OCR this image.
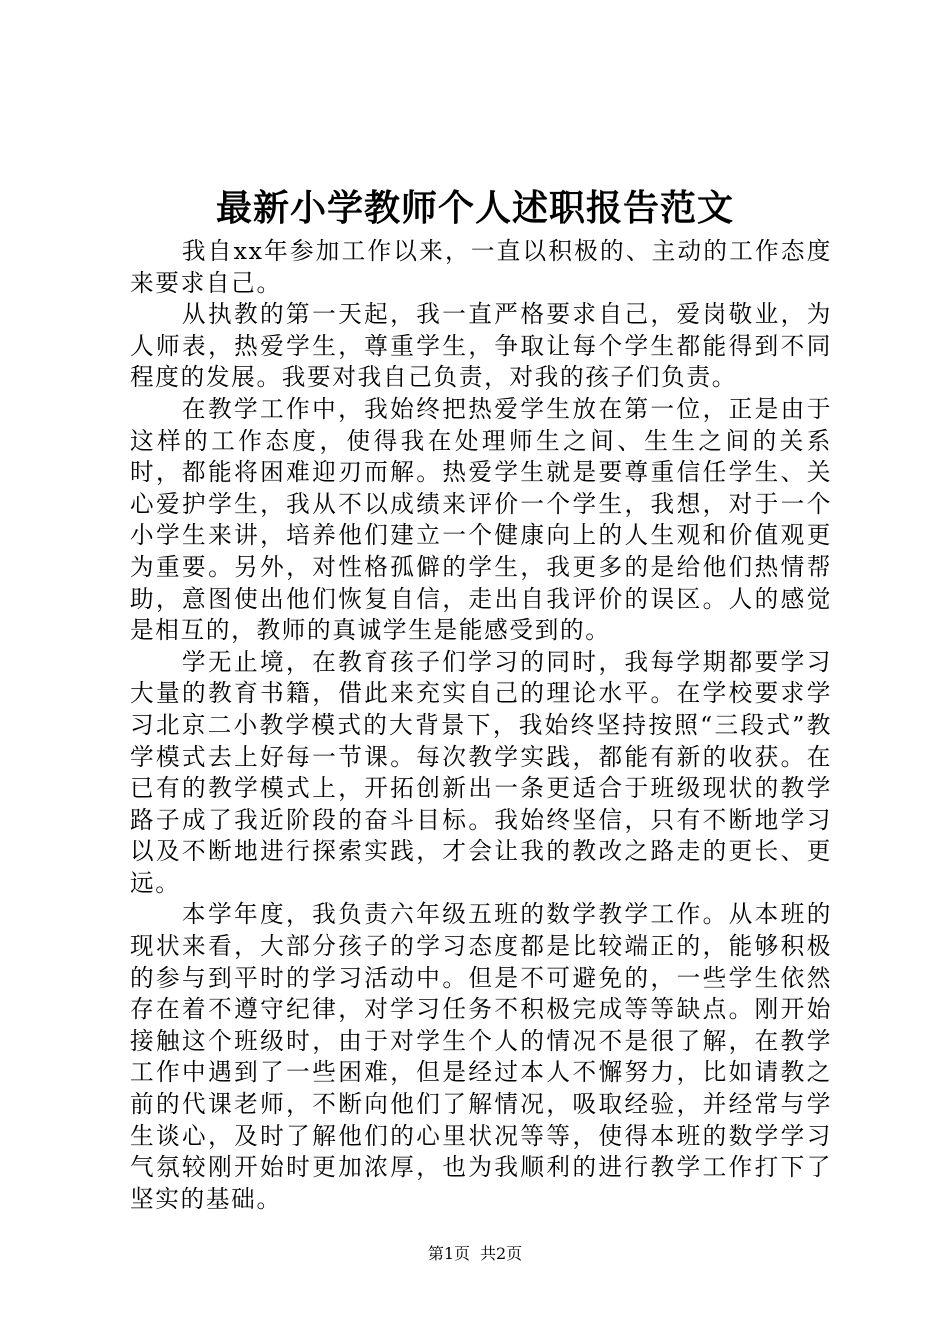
最新小学教师个人述职报告范文

我自xx年参加工作以来，一直以积极的、主动的工作态度来要求自己。

从执教的第一天起，我一直严格要求自己，爱岗敬业，为人师表，热爱学生，尊重学生，争取让每个学生都能得到不同程度的发展。我要对我自己负责，对我的孩子们负责。

在教学工作中，我始终把热爱学生放在第一位，正是由于这样的工作态度，使得我在处理师生之间、生生之间的关系时，都能将困难迎刃而解。热爱学生就是要尊重信任学生、关心爱护学生，我从不以成绩来评价一个学生，我想，对于一个小学生来讲，培养他们建立一个健康向上的人生观和价值观更为重要。另外，对性格孤僻的学生，我更多的是给他们热情帮助，意图使出他们恢复自信，走出自我评价的误区。人的感觉是相互的，教师的真诚学生是能感受到的。

学无止境，在教育孩子们学习的同时，我每学期都要学习大量的教育书籍，借此来充实自己的理论水平。在学校要求学习北京二小教学模式的大背景下，我始终坚持按照“三段式”教学模式去上好每一节课。每次教学实践，都能有新的收获。在已有的教学模式上，开拓创新出一条更适合于班级现状的教学路子成了我近阶段的奋斗目标。我始终坚信，只有不断地学习以及不断地进行探索实践，才会让我的教改之路走的更长、更远。

本学年度，我负责六年级五班的数学教学工作。从本班的现状来看，大部分孩子的学习态度都是比较端正的，能够积极的参与到平时的学习活动中。但是不可避免的，一些学生依然存在着不遵守纪律，对学习任务不积极完成等等缺点。刚开始接触这个班级时，由于对学生个人的情况不是很了解，在教学工作中遇到了一些困难，但是经过本人不懈努力，比如请教之前的代课老师，不断向他们了解情况，吸取经验，并经常与学生谈心，及时了解他们的心里状况等等，使得本班的数学学习气氛较刚开始时更加浓厚，也为我顺利的进行教学工作打下了坚实的基础。

第1页 共2页
